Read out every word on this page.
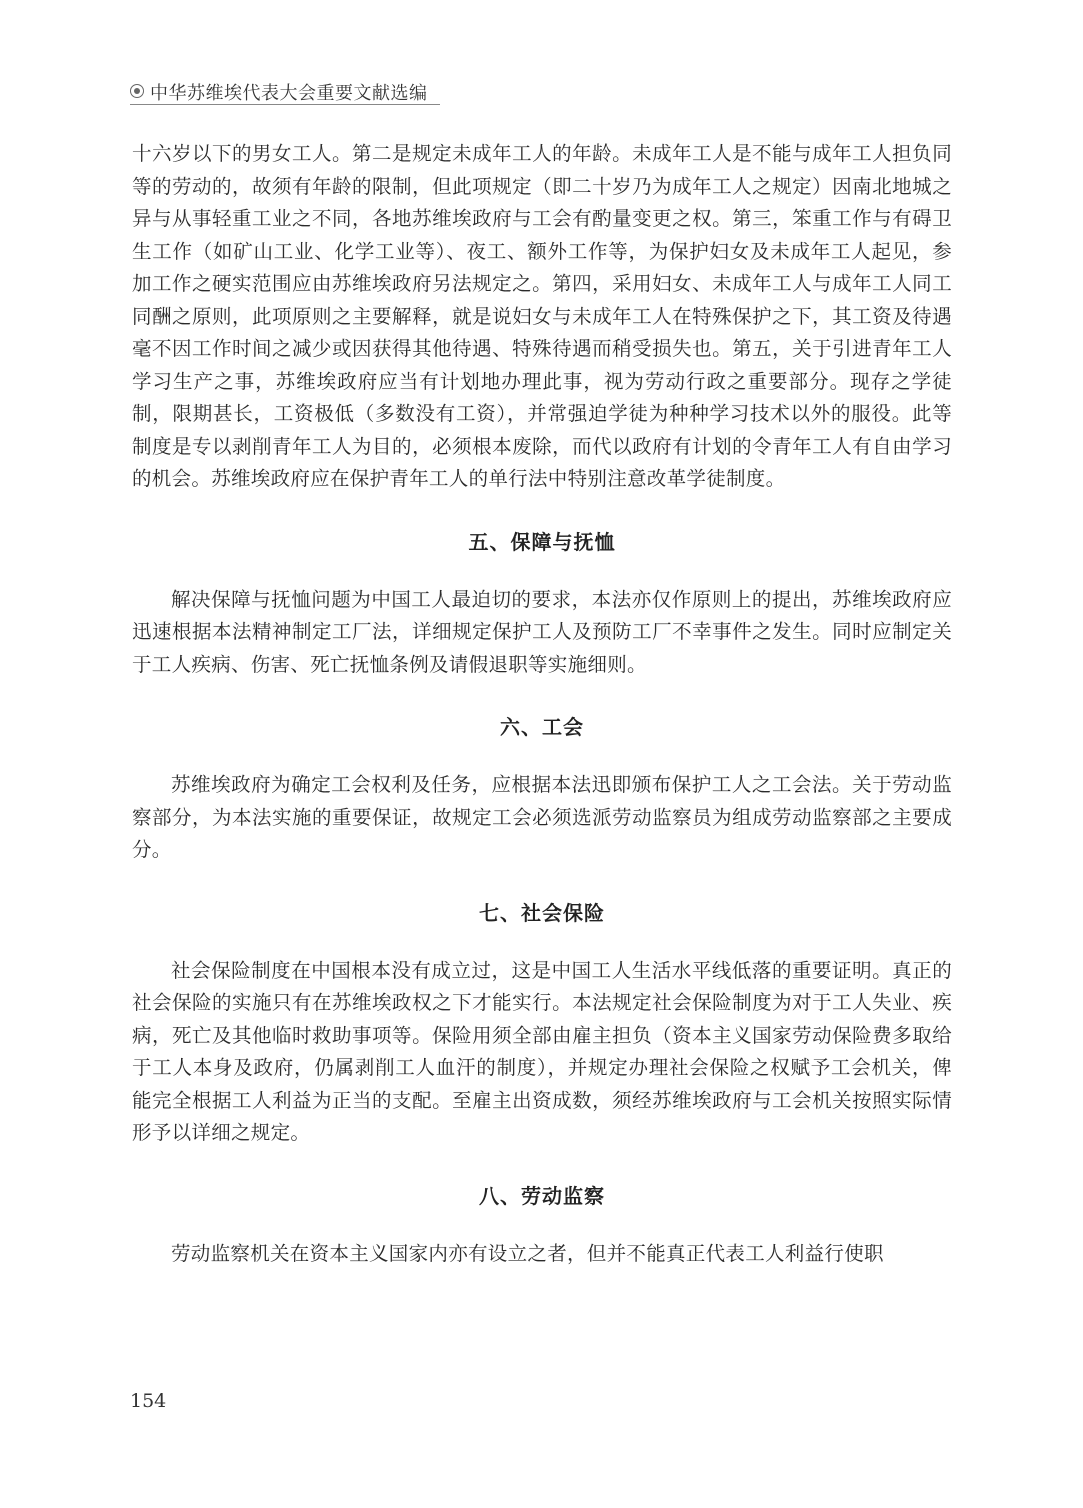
中华苏维埃代表大会重要文献选编

十六岁以下的男女工人。第二是规定未成年工人的年龄。未成年工人是不能与成年工人担负同等的劳动的，故须有年龄的限制，但此项规定（即二十岁乃为成年工人之规定）因南北地城之异与从事轻重工业之不同，各地苏维埃政府与工会有酌量变更之权。第三，笨重工作与有碍卫生工作（如矿山工业、化学工业等）、夜工、额外工作等，为保护妇女及未成年工人起见，参加工作之硬实范围应由苏维埃政府另法规定之。第四，采用妇女、未成年工人与成年工人同工同酬之原则，此项原则之主要解释，就是说妇女与未成年工人在特殊保护之下，其工资及待遇毫不因工作时间之减少或因获得其他待遇、特殊待遇而稍受损失也。第五，关于引进青年工人学习生产之事，苏维埃政府应当有计划地办理此事，视为劳动行政之重要部分。现存之学徒制，限期甚长，工资极低（多数没有工资），并常强迫学徒为种种学习技术以外的服役。此等制度是专以剥削青年工人为目的，必须根本废除，而代以政府有计划的令青年工人有自由学习的机会。苏维埃政府应在保护青年工人的单行法中特别注意改革学徒制度。

五、保障与抚恤

解决保障与抚恤问题为中国工人最迫切的要求，本法亦仅作原则上的提出，苏维埃政府应迅速根据本法精神制定工厂法，详细规定保护工人及预防工厂不幸事件之发生。同时应制定关于工人疾病、伤害、死亡抚恤条例及请假退职等实施细则。

六、工会

苏维埃政府为确定工会权利及任务，应根据本法迅即颁布保护工人之工会法。关于劳动监察部分，为本法实施的重要保证，故规定工会必须选派劳动监察员为组成劳动监察部之主要成分。

七、社会保险

社会保险制度在中国根本没有成立过，这是中国工人生活水平线低落的重要证明。真正的社会保险的实施只有在苏维埃政权之下才能实行。本法规定社会保险制度为对于工人失业、疾病，死亡及其他临时救助事项等。保险用须全部由雇主担负（资本主义国家劳动保险费多取给于工人本身及政府，仍属剥削工人血汗的制度），并规定办理社会保险之权赋予工会机关，俾能完全根据工人利益为正当的支配。至雇主出资成数，须经苏维埃政府与工会机关按照实际情形予以详细之规定。

八、劳动监察

劳动监察机关在资本主义国家内亦有设立之者，但并不能真正代表工人利益行使职

154
